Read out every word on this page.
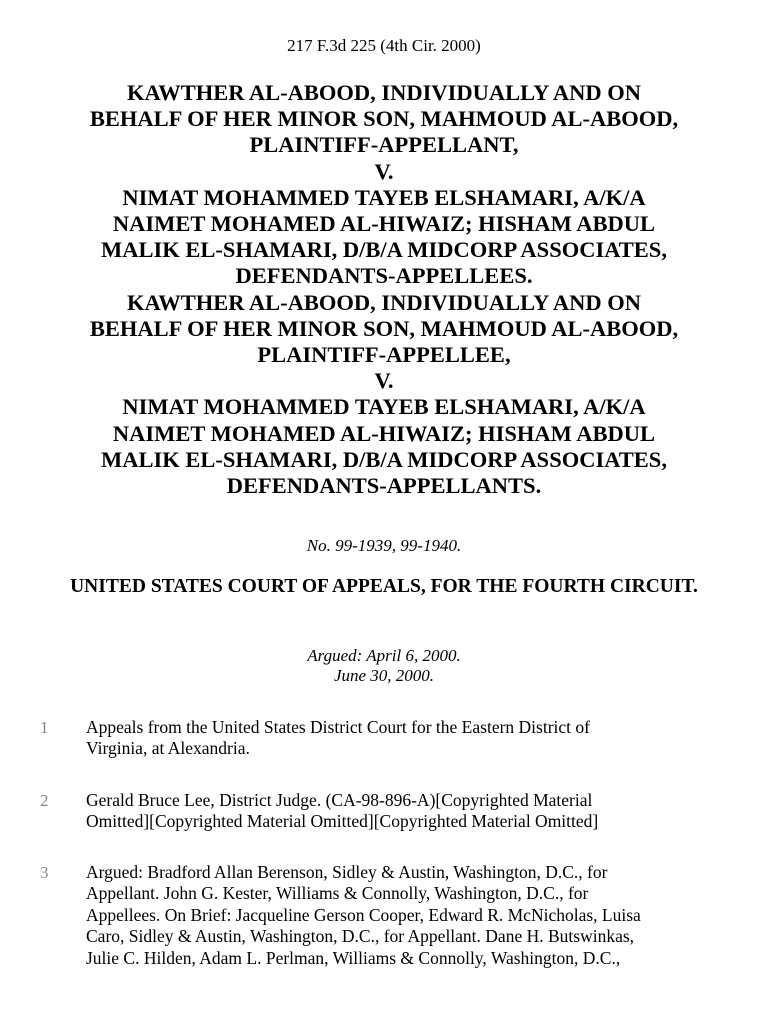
217 F.3d 225 (4th Cir. 2000)
KAWTHER AL-ABOOD, INDIVIDUALLY AND ON
BEHALF OF HER MINOR SON, MAHMOUD AL-ABOOD,
PLAINTIFF-APPELLANT,
V.
NIMAT MOHAMMED TAYEB ELSHAMARI, A/K/A
NAIMET MOHAMED AL-HIWAIZ; HISHAM ABDUL
MALIK EL-SHAMARI, D/B/A MIDCORP ASSOCIATES,
DEFENDANTS-APPELLEES.
KAWTHER AL-ABOOD, INDIVIDUALLY AND ON
BEHALF OF HER MINOR SON, MAHMOUD AL-ABOOD,
PLAINTIFF-APPELLEE,
V.
NIMAT MOHAMMED TAYEB ELSHAMARI, A/K/A
NAIMET MOHAMED AL-HIWAIZ; HISHAM ABDUL
MALIK EL-SHAMARI, D/B/A MIDCORP ASSOCIATES,
DEFENDANTS-APPELLANTS.
No. 99-1939, 99-1940.
UNITED STATES COURT OF APPEALS, FOR THE FOURTH CIRCUIT.
Argued: April 6, 2000.
June 30, 2000.
1	Appeals from the United States District Court for the Eastern District of
Virginia, at Alexandria.

2	Gerald Bruce Lee, District Judge. (CA-98-896-A)[Copyrighted Material
Omitted][Copyrighted Material Omitted][Copyrighted Material Omitted]

3	Argued: Bradford Allan Berenson, Sidley & Austin, Washington, D.C., for
Appellant. John G. Kester, Williams & Connolly, Washington, D.C., for
Appellees. On Brief: Jacqueline Gerson Cooper, Edward R. McNicholas, Luisa
Caro, Sidley & Austin, Washington, D.C., for Appellant. Dane H. Butswinkas,
Julie C. Hilden, Adam L. Perlman, Williams & Connolly, Washington, D.C.,
